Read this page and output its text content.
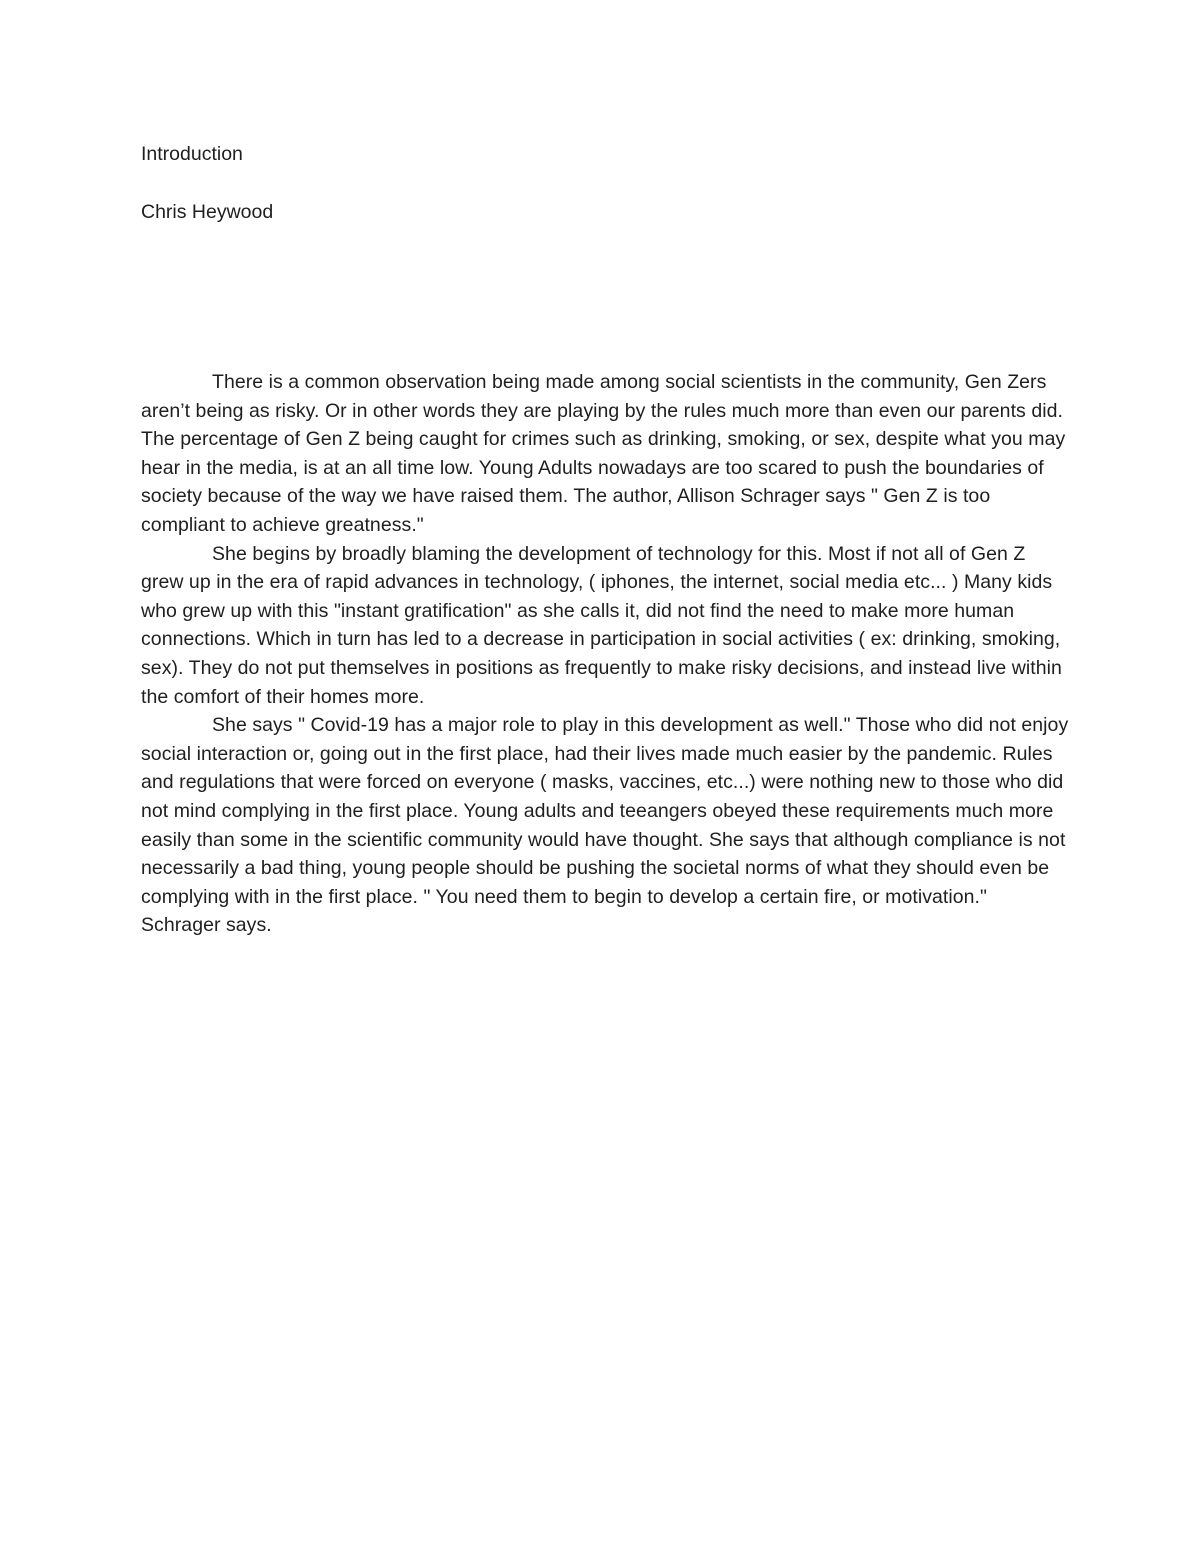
Introduction
Chris Heywood

There is a common observation being made among social scientists in the community, Gen Zers aren’t being as risky. Or in other words they are playing by the rules much more than even our parents did. The percentage of Gen Z being caught for crimes such as drinking, smoking, or sex, despite what you may hear in the media, is at an all time low. Young Adults nowadays are too scared to push the boundaries of society because of the way we have raised them. The author, Allison Schrager says " Gen Z is too compliant to achieve greatness."

She begins by broadly blaming the development of technology for this. Most if not all of Gen Z grew up in the era of rapid advances in technology, ( iphones, the internet, social media etc... ) Many kids who grew up with this "instant gratification" as she calls it, did not find the need to make more human connections. Which in turn has led to a decrease in participation in social activities ( ex: drinking, smoking, sex). They do not put themselves in positions as frequently to make risky decisions, and instead live within the comfort of their homes more.

She says " Covid-19 has a major role to play in this development as well." Those who did not enjoy social interaction or, going out in the first place, had their lives made much easier by the pandemic. Rules and regulations that were forced on everyone ( masks, vaccines, etc...) were nothing new to those who did not mind complying in the first place. Young adults and teeangers obeyed these requirements much more easily than some in the scientific community would have thought. She says that although compliance is not necessarily a bad thing, young people should be pushing the societal norms of what they should even be complying with in the first place. " You need them to begin to develop a certain fire, or motivation." Schrager says.
